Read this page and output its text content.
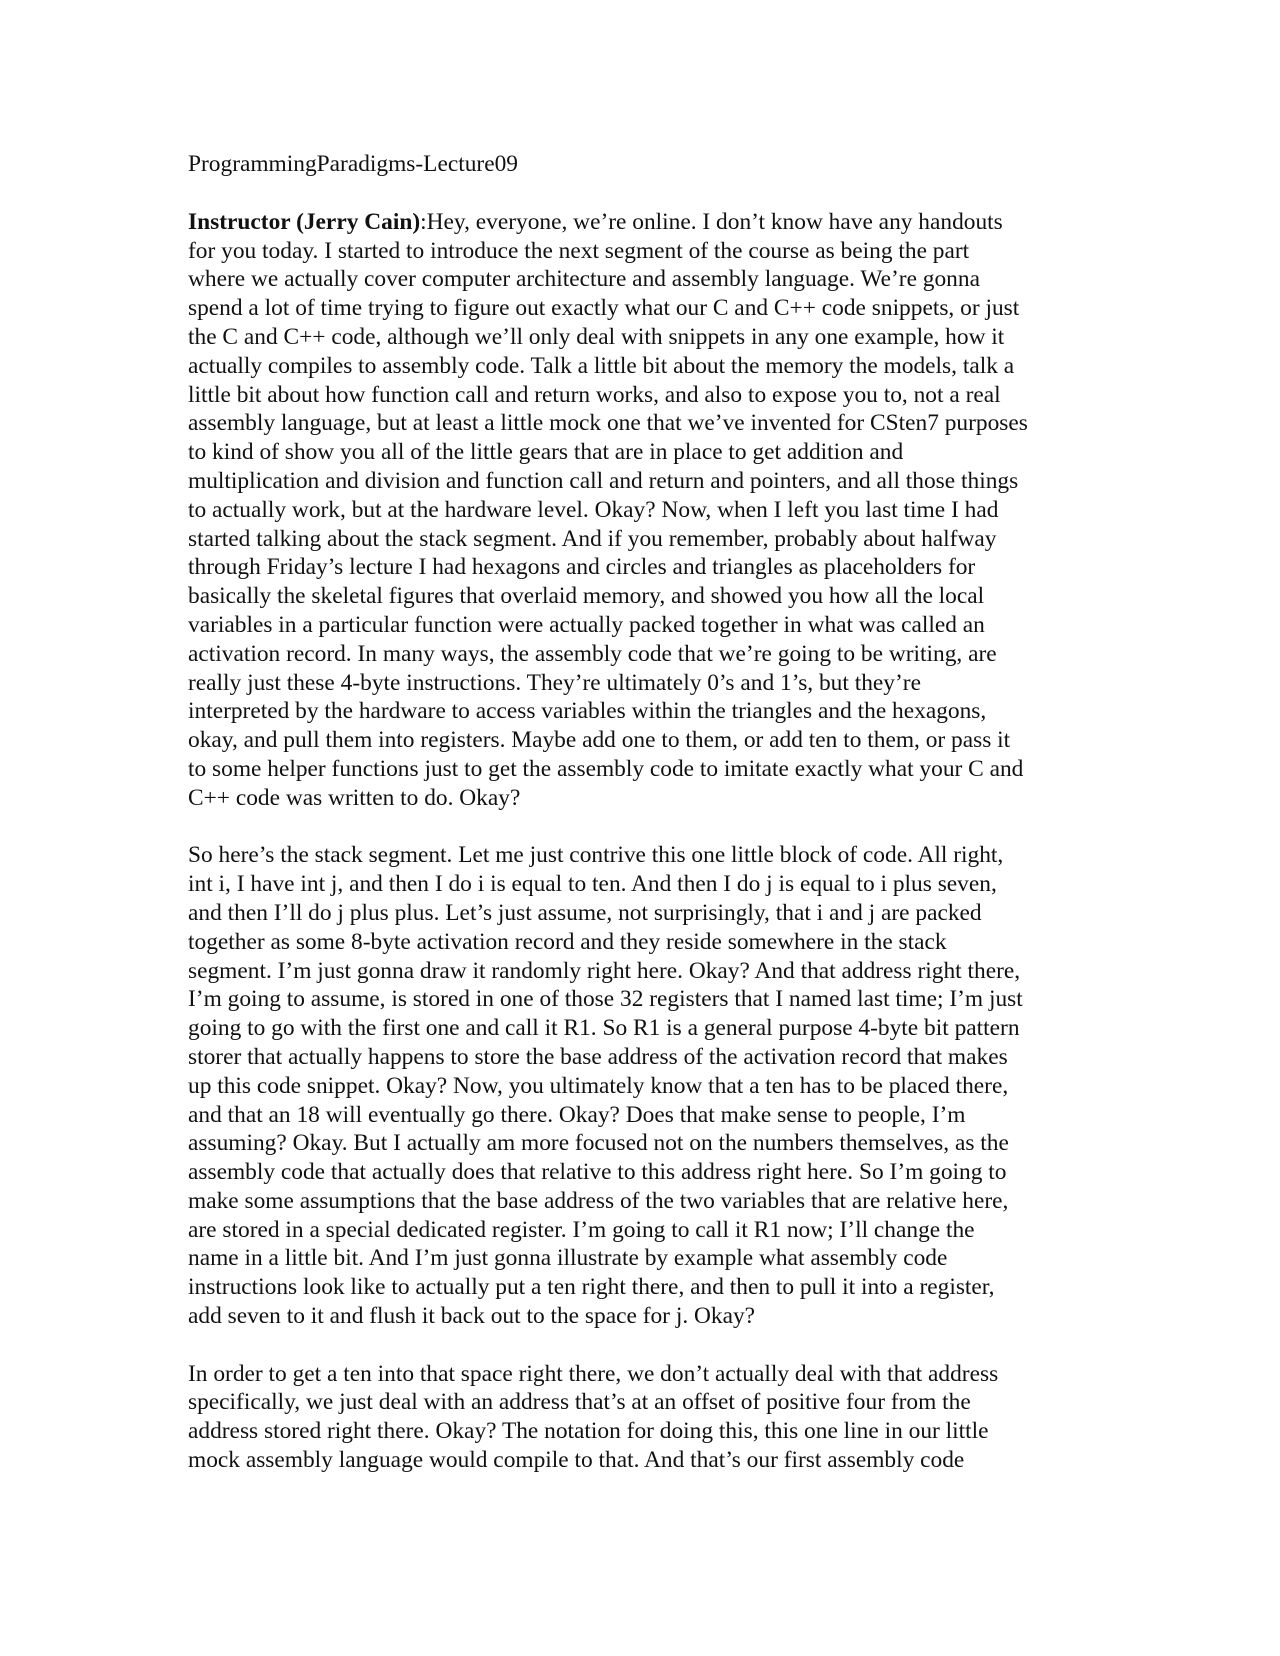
ProgrammingParadigms-Lecture09
Instructor (Jerry Cain):Hey, everyone, we’re online. I don’t know have any handouts
for you today. I started to introduce the next segment of the course as being the part
where we actually cover computer architecture and assembly language. We’re gonna
spend a lot of time trying to figure out exactly what our C and C++ code snippets, or just
the C and C++ code, although we’ll only deal with snippets in any one example, how it
actually compiles to assembly code. Talk a little bit about the memory the models, talk a
little bit about how function call and return works, and also to expose you to, not a real
assembly language, but at least a little mock one that we’ve invented for CSten7 purposes
to kind of show you all of the little gears that are in place to get addition and
multiplication and division and function call and return and pointers, and all those things
to actually work, but at the hardware level. Okay? Now, when I left you last time I had
started talking about the stack segment. And if you remember, probably about halfway
through Friday’s lecture I had hexagons and circles and triangles as placeholders for
basically the skeletal figures that overlaid memory, and showed you how all the local
variables in a particular function were actually packed together in what was called an
activation record. In many ways, the assembly code that we’re going to be writing, are
really just these 4-byte instructions. They’re ultimately 0’s and 1’s, but they’re
interpreted by the hardware to access variables within the triangles and the hexagons,
okay, and pull them into registers. Maybe add one to them, or add ten to them, or pass it
to some helper functions just to get the assembly code to imitate exactly what your C and
C++ code was written to do. Okay?
So here’s the stack segment. Let me just contrive this one little block of code. All right,
int i, I have int j, and then I do i is equal to ten. And then I do j is equal to i plus seven,
and then I’ll do j plus plus. Let’s just assume, not surprisingly, that i and j are packed
together as some 8-byte activation record and they reside somewhere in the stack
segment. I’m just gonna draw it randomly right here. Okay? And that address right there,
I’m going to assume, is stored in one of those 32 registers that I named last time; I’m just
going to go with the first one and call it R1. So R1 is a general purpose 4-byte bit pattern
storer that actually happens to store the base address of the activation record that makes
up this code snippet. Okay? Now, you ultimately know that a ten has to be placed there,
and that an 18 will eventually go there. Okay? Does that make sense to people, I’m
assuming? Okay. But I actually am more focused not on the numbers themselves, as the
assembly code that actually does that relative to this address right here. So I’m going to
make some assumptions that the base address of the two variables that are relative here,
are stored in a special dedicated register. I’m going to call it R1 now; I’ll change the
name in a little bit. And I’m just gonna illustrate by example what assembly code
instructions look like to actually put a ten right there, and then to pull it into a register,
add seven to it and flush it back out to the space for j. Okay?
In order to get a ten into that space right there, we don’t actually deal with that address
specifically, we just deal with an address that’s at an offset of positive four from the
address stored right there. Okay? The notation for doing this, this one line in our little
mock assembly language would compile to that. And that’s our first assembly code
